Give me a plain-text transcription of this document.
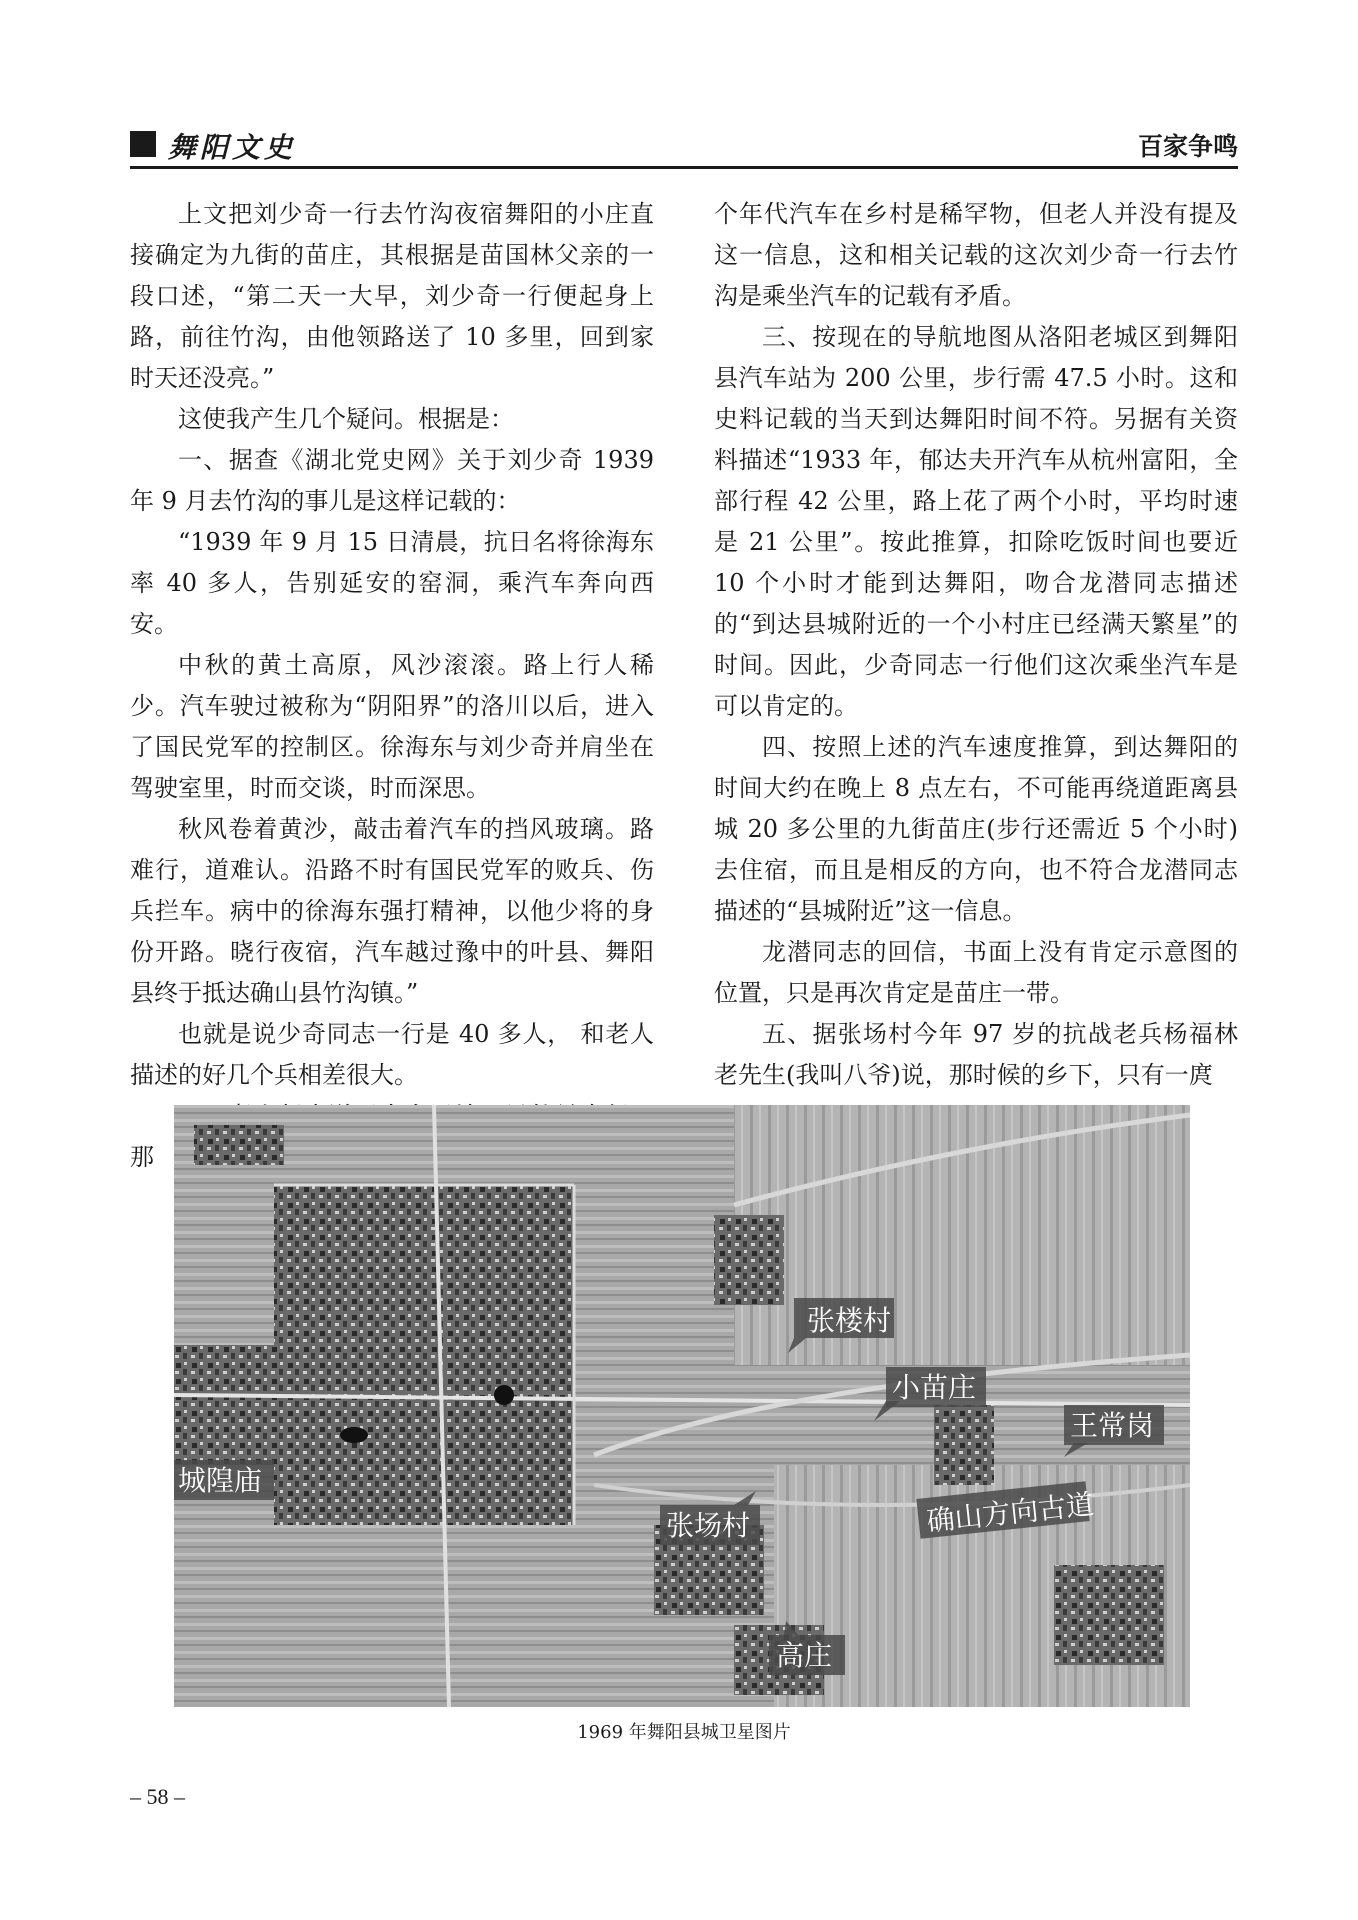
舞阳文史	百家争鸣

上文把刘少奇一行去竹沟夜宿舞阳的小庄直接确定为九街的苗庄，其根据是苗国林父亲的一段口述，“第二天一大早，刘少奇一行便起身上路，前往竹沟，由他领路送了 10 多里，回到家时天还没亮。”

这使我产生几个疑问。根据是：

一、据查《湖北党史网》关于刘少奇 1939 年 9 月去竹沟的事儿是这样记载的：

“1939 年 9 月 15 日清晨，抗日名将徐海东率 40 多人，告别延安的窑洞，乘汽车奔向西安。

中秋的黄土高原，风沙滚滚。路上行人稀少。汽车驶过被称为“阴阳界”的洛川以后，进入了国民党军的控制区。徐海东与刘少奇并肩坐在驾驶室里，时而交谈，时而深思。

秋风卷着黄沙，敲击着汽车的挡风玻璃。路难行，道难认。沿路不时有国民党军的败兵、伤兵拦车。病中的徐海东强打精神，以他少将的身份开路。晓行夜宿，汽车越过豫中的叶县、舞阳县终于抵达确山县竹沟镇。”

也就是说少奇同志一行是 40 多人， 和老人描述的好几个兵相差很大。

那

个年代汽车在乡村是稀罕物，但老人并没有提及这一信息，这和相关记载的这次刘少奇一行去竹沟是乘坐汽车的记载有矛盾。

三、按现在的导航地图从洛阳老城区到舞阳县汽车站为 200 公里，步行需 47.5 小时。这和史料记载的当天到达舞阳时间不符。另据有关资料描述“1933 年，郁达夫开汽车从杭州富阳，全部行程 42 公里，路上花了两个小时，平均时速是 21 公里”。按此推算，扣除吃饭时间也要近 10 个小时才能到达舞阳，吻合龙潜同志描述的“到达县城附近的一个小村庄已经满天繁星”的时间。因此，少奇同志一行他们这次乘坐汽车是可以肯定的。

四、按照上述的汽车速度推算，到达舞阳的时间大约在晚上 8 点左右，不可能再绕道距离县城 20 多公里的九街苗庄(步行还需近 5 个小时)去住宿，而且是相反的方向，也不符合龙潜同志描述的“县城附近”这一信息。

龙潜同志的回信，书面上没有肯定示意图的位置，只是再次肯定是苗庄一带。

五、据张场村今年 97 岁的抗战老兵杨福林老先生(我叫八爷)说，那时候的乡下，只有一庹

张楼村
小苗庄
王常岗
城隍庙
确山方向古道
张场村
高庄
1969 年舞阳县城卫星图片
– 58 –
